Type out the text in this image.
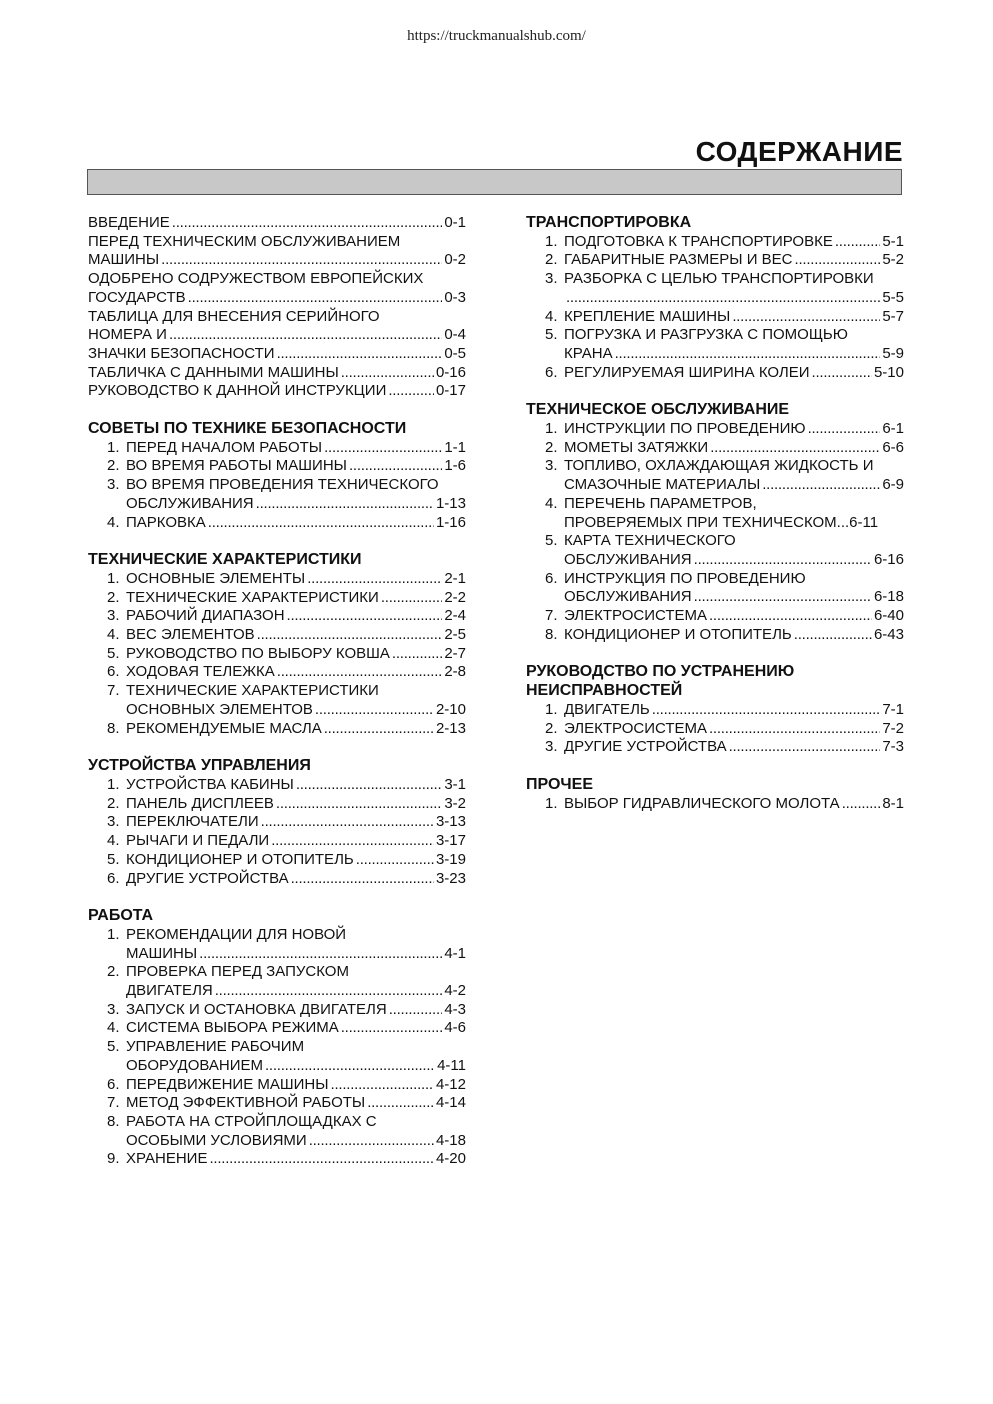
https://truckmanualshub.com/
СОДЕРЖАНИЕ
ВВЕДЕНИЕ . . .	0-1
ПЕРЕД ТЕХНИЧЕСКИМ ОБСЛУЖИВАНИЕМ
МАШИНЫ . . .	0-2
ОДОБРЕНО СОДРУЖЕСТВОМ ЕВРОПЕЙСКИХ
ГОСУДАРСТВ . . .	0-3
ТАБЛИЦА ДЛЯ ВНЕСЕНИЯ СЕРИЙНОГО
НОМЕРА И . . .	0-4
ЗНАЧКИ БЕЗОПАСНОСТИ . . .	0-5
ТАБЛИЧКА С ДАННЫМИ МАШИНЫ . . .	0-16
РУКОВОДСТВО К ДАННОЙ ИНСТРУКЦИИ . . .	0-17
СОВЕТЫ ПО ТЕХНИКЕ БЕЗОПАСНОСТИ
1. ПЕРЕД НАЧАЛОМ РАБОТЫ . . .	1-1
2. ВО ВРЕМЯ РАБОТЫ МАШИНЫ . . .	1-6
3. ВО ВРЕМЯ ПРОВЕДЕНИЯ ТЕХНИЧЕСКОГО
ОБСЛУЖИВАНИЯ . . .	1-13
4. ПАРКОВКА . . .	1-16
ТЕХНИЧЕСКИЕ ХАРАКТЕРИСТИКИ
1. ОСНОВНЫЕ ЭЛЕМЕНТЫ . . .	2-1
2. ТЕХНИЧЕСКИЕ ХАРАКТЕРИСТИКИ . . .	2-2
3. РАБОЧИЙ ДИАПАЗОН . . .	2-4
4. ВЕС ЭЛЕМЕНТОВ . . .	2-5
5. РУКОВОДСТВО ПО ВЫБОРУ КОВША . . .	2-7
6. ХОДОВАЯ ТЕЛЕЖКА . . .	2-8
7. ТЕХНИЧЕСКИЕ ХАРАКТЕРИСТИКИ
ОСНОВНЫХ ЭЛЕМЕНТОВ . . .	2-10
8. РЕКОМЕНДУЕМЫЕ МАСЛА . . .	2-13
УСТРОЙСТВА УПРАВЛЕНИЯ
1. УСТРОЙСТВА КАБИНЫ . . .	3-1
2. ПАНЕЛЬ ДИСПЛЕЕВ . . .	3-2
3. ПЕРЕКЛЮЧАТЕЛИ . . .	3-13
4. РЫЧАГИ И ПЕДАЛИ . . .	3-17
5. КОНДИЦИОНЕР И ОТОПИТЕЛЬ . . .	3-19
6. ДРУГИЕ УСТРОЙСТВА . . .	3-23
РАБОТА
1. РЕКОМЕНДАЦИИ ДЛЯ НОВОЙ
МАШИНЫ . . .	4-1
2. ПРОВЕРКА ПЕРЕД ЗАПУСКОМ
ДВИГАТЕЛЯ . . .	4-2
3. ЗАПУСК И ОСТАНОВКА ДВИГАТЕЛЯ . . .	4-3
4. СИСТЕМА ВЫБОРА РЕЖИМА . . .	4-6
5. УПРАВЛЕНИЕ РАБОЧИМ
ОБОРУДОВАНИЕМ . . .	4-11
6. ПЕРЕДВИЖЕНИЕ МАШИНЫ . . .	4-12
7. МЕТОД ЭФФЕКТИВНОЙ РАБОТЫ . . .	4-14
8. РАБОТА НА СТРОЙПЛОЩАДКАХ С
ОСОБЫМИ УСЛОВИЯМИ . . .	4-18
9. ХРАНЕНИЕ . . .	4-20
ТРАНСПОРТИРОВКА
1. ПОДГОТОВКА К ТРАНСПОРТИРОВКЕ . . .	5-1
2. ГАБАРИТНЫЕ РАЗМЕРЫ И ВЕС . . .	5-2
3. РАЗБОРКА С ЦЕЛЬЮ ТРАНСПОРТИРОВКИ
. . .
5-5
4. КРЕПЛЕНИЕ МАШИНЫ . . .	5-7
5. ПОГРУЗКА И РАЗГРУЗКА С ПОМОЩЬЮ
КРАНА . . .	5-9
6. РЕГУЛИРУЕМАЯ ШИРИНА КОЛЕИ . . .	5-10
ТЕХНИЧЕСКОЕ ОБСЛУЖИВАНИЕ
1. ИНСТРУКЦИИ ПО ПРОВЕДЕНИЮ . . .	6-1
2. МОМЕТЫ ЗАТЯЖКИ . . .	6-6
3. ТОПЛИВО, ОХЛАЖДАЮЩАЯ ЖИДКОСТЬ И
СМАЗОЧНЫЕ МАТЕРИАЛЫ . . .	6-9
4. ПЕРЕЧЕНЬ ПАРАМЕТРОВ,
ПРОВЕРЯЕМЫХ ПРИ ТЕХНИЧЕСКОМ...6-11
5. КАРТА ТЕХНИЧЕСКОГО
ОБСЛУЖИВАНИЯ . . .	6-16
6. ИНСТРУКЦИЯ ПО ПРОВЕДЕНИЮ
ОБСЛУЖИВАНИЯ . . .	6-18
7. ЭЛЕКТРОСИСТЕМА . . .	6-40
8. КОНДИЦИОНЕР И ОТОПИТЕЛЬ . . .	6-43
РУКОВОДСТВО ПО УСТРАНЕНИЮ
НЕИСПРАВНОСТЕЙ
1. ДВИГАТЕЛЬ . . .	7-1
2. ЭЛЕКТРОСИСТЕМА . . .	7-2
3. ДРУГИЕ УСТРОЙСТВА . . .	7-3
ПРОЧЕЕ
1. ВЫБОР ГИДРАВЛИЧЕСКОГО МОЛОТА . . .	8-1
